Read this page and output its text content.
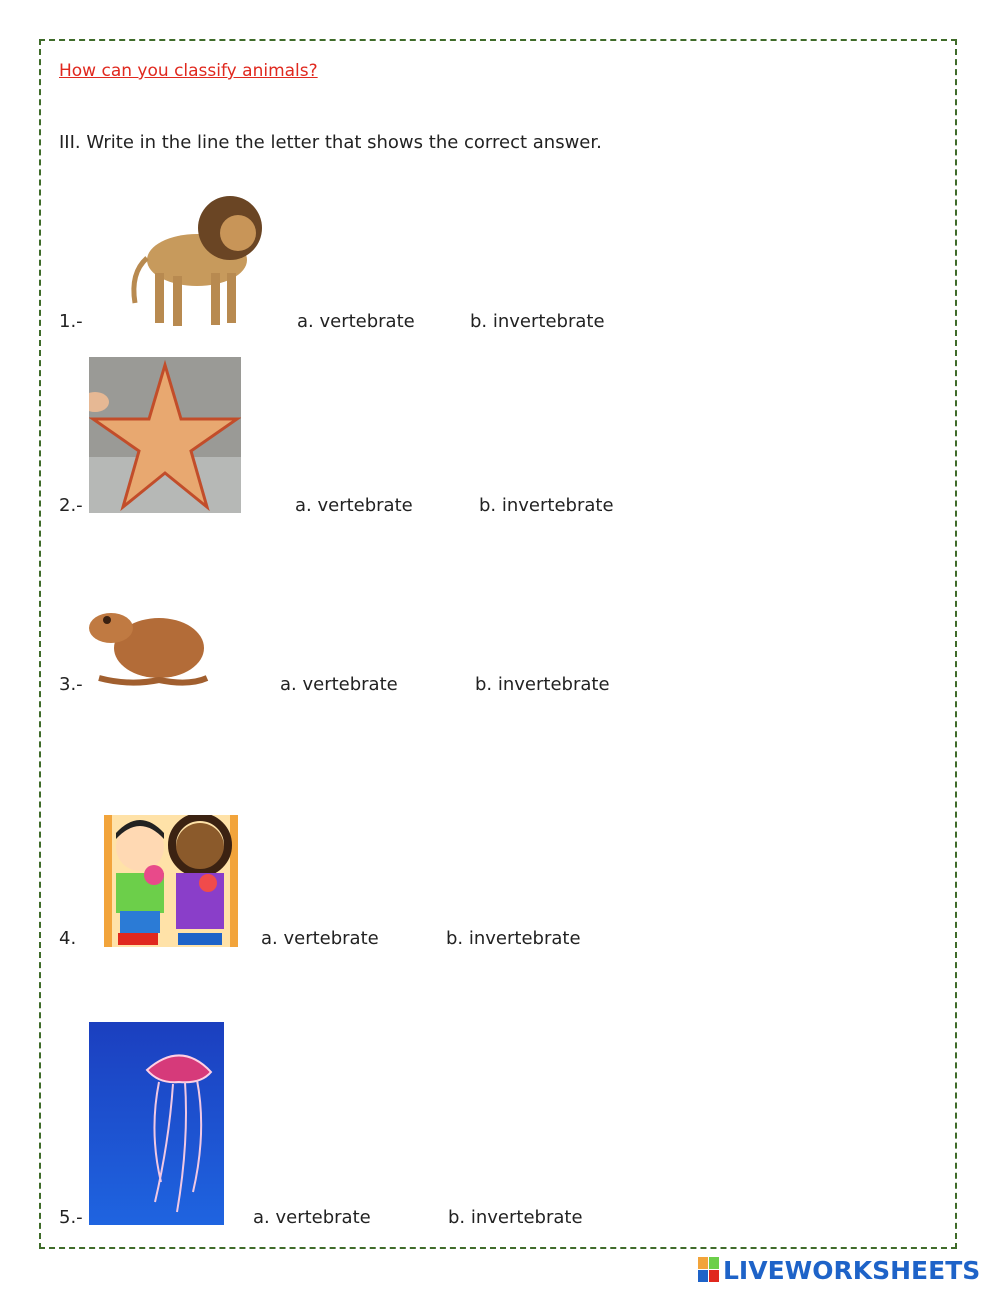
How can you classify animals?
III. Write in the line the letter that shows the correct answer.
1.-	a. vertebrate	b. invertebrate
2.-	a. vertebrate	b. invertebrate
3.-	a. vertebrate	b. invertebrate
4.	a. vertebrate	b. invertebrate
5.-	a. vertebrate	b. invertebrate
LIVEWORKSHEETS
